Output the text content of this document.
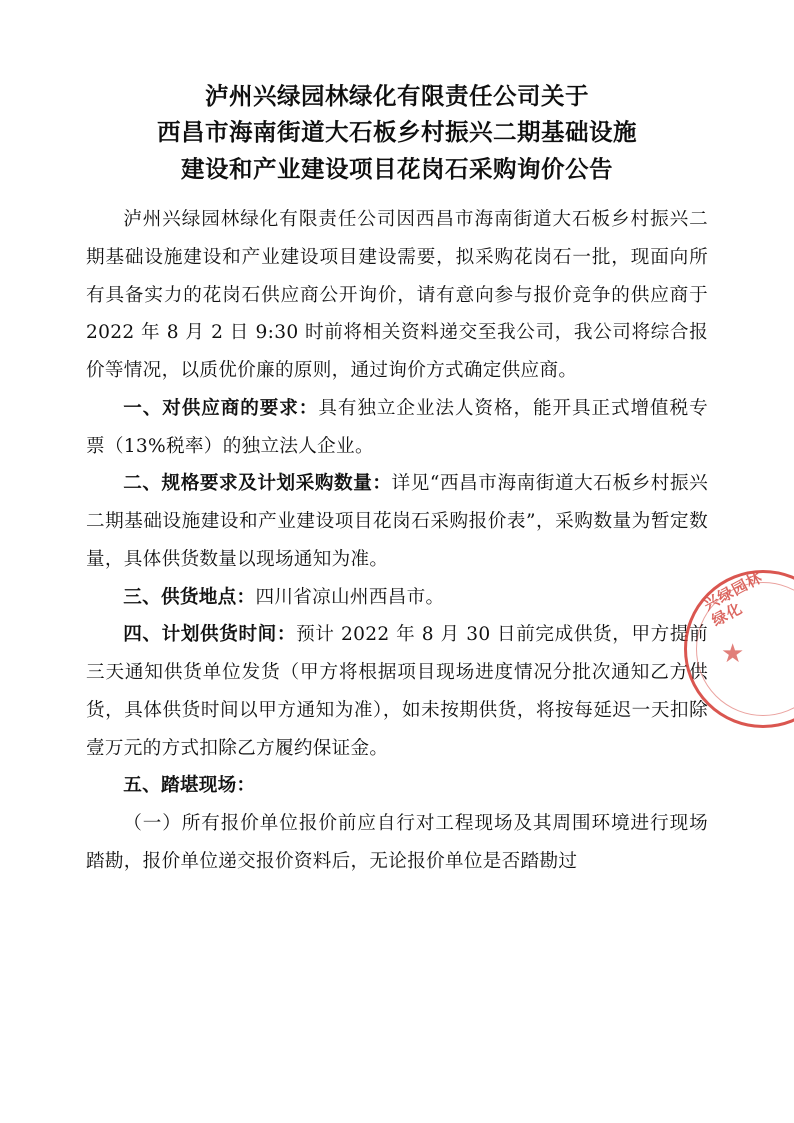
泸州兴绿园林绿化有限责任公司关于
西昌市海南街道大石板乡村振兴二期基础设施
建设和产业建设项目花岗石采购询价公告

泸州兴绿园林绿化有限责任公司因西昌市海南街道大石板乡村振兴二期基础设施建设和产业建设项目建设需要，拟采购花岗石一批，现面向所有具备实力的花岗石供应商公开询价，请有意向参与报价竞争的供应商于 2022 年 8 月 2 日 9:30 时前将相关资料递交至我公司，我公司将综合报价等情况，以质优价廉的原则，通过询价方式确定供应商。

一、对供应商的要求：具有独立企业法人资格，能开具正式增值税专票（13%税率）的独立法人企业。

二、规格要求及计划采购数量：详见“西昌市海南街道大石板乡村振兴二期基础设施建设和产业建设项目花岗石采购报价表”，采购数量为暂定数量，具体供货数量以现场通知为准。

三、供货地点：四川省凉山州西昌市。

四、计划供货时间：预计 2022 年 8 月 30 日前完成供货，甲方提前三天通知供货单位发货（甲方将根据项目现场进度情况分批次通知乙方供货，具体供货时间以甲方通知为准），如未按期供货，将按每延迟一天扣除壹万元的方式扣除乙方履约保证金。

五、踏堪现场：

（一）所有报价单位报价前应自行对工程现场及其周围环境进行现场踏勘，报价单位递交报价资料后，无论报价单位是否踏勘过

兴绿园林绿化
★
